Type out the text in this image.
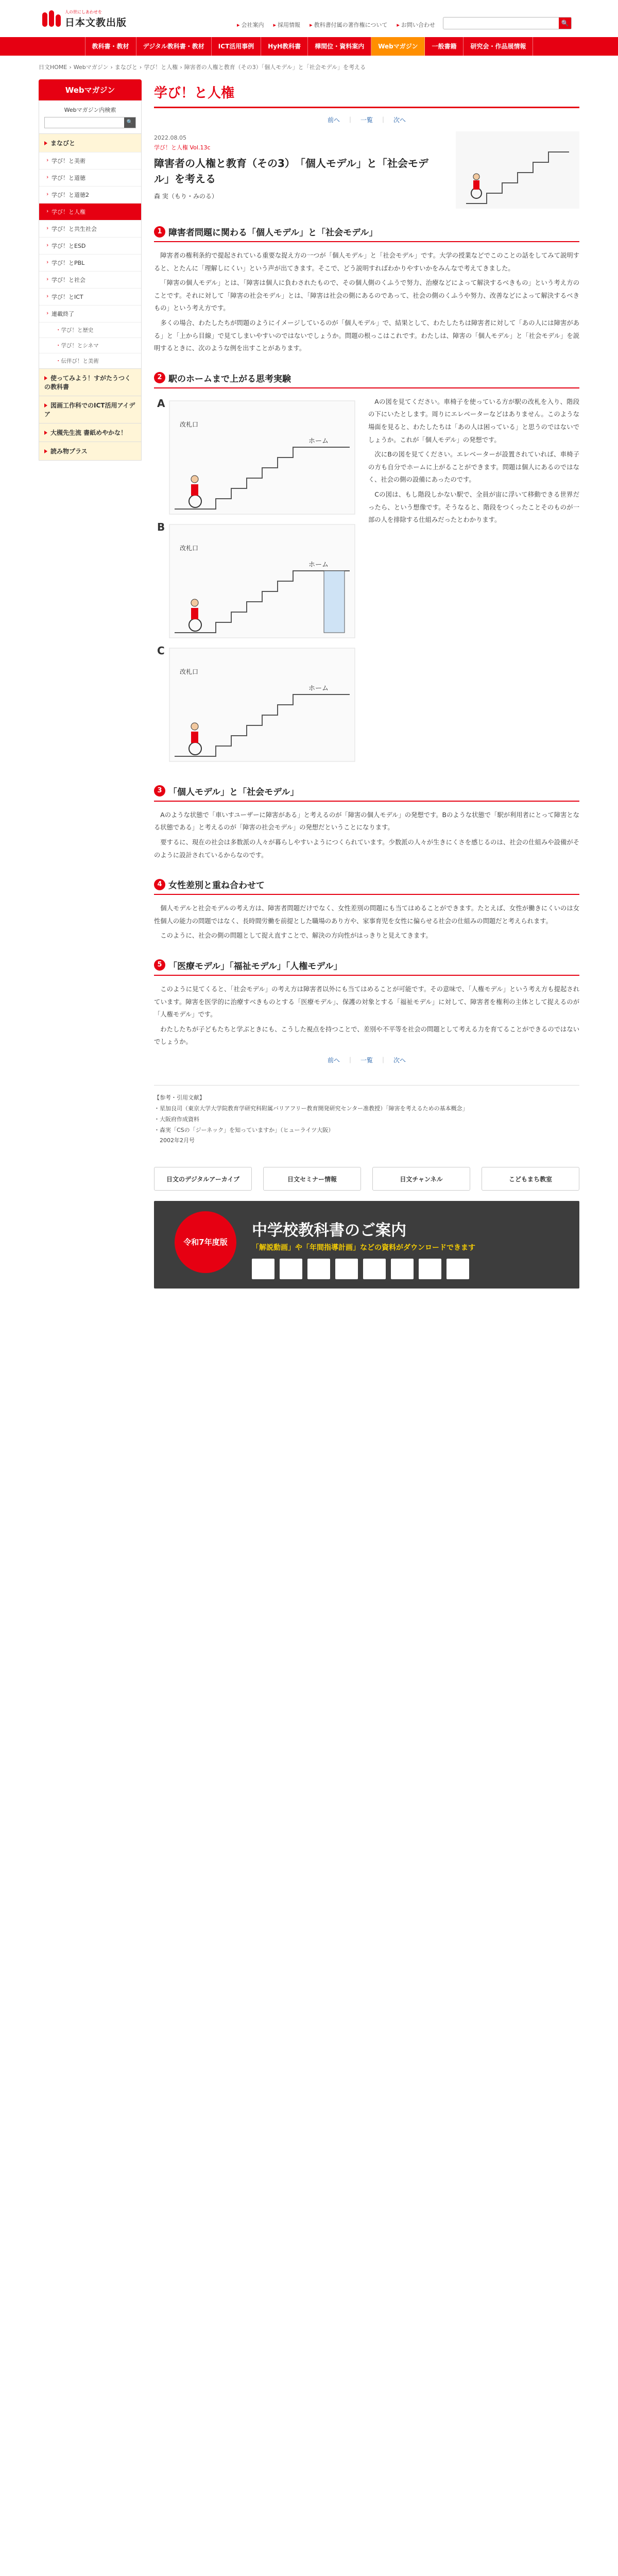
人の世にしあわせを
日本文教出版	▸ 会社案内	▸ 採用情報	▸ 教科書付属の著作権について	▸ お問い合わせ	🔍
教科書・教材	デジタル教科書・教材	ICT活用事例	HyH教科書	樺間位・資料案内	Webマガジン	一般書籍	研究会・作品展情報
日文HOME › Webマガジン › まなびと › 学び！と人権 › 障害者の人権と教育（その3）「個人モデル」と「社会モデル」を考える
Webマガジン
Webマガジン内検索
🔍
まなびと
› 学び！と美術
› 学び！と道徳
› 学び！と道徳2
› 学び！と人権
› 学び！と共生社会
› 学び！とESD
› 学び！とPBL
› 学び！と社会
› 学び！とICT
› 連載終了
・ 学び！と歴史
・ 学び！とシネマ
・ 伝伴び！と美術
使ってみよう！すがたうつくの教科書
図画工作科でのICT活用アイデア
大槻先生流 書紙めやかな！
読み物プラス
学び！と人権
前へ ｜ 一覧 ｜ 次へ
2022.08.05
学び！と人権 Vol.13c
障害者の人権と教育（その3）　「個人モデル」と「社会モデル」を考える
森 実（もり・みのる）
1 障害者問題に関わる「個人モデル」と「社会モデル」

障害者の権利条約で提起されている重要な捉え方の一つが「個人モデル」と「社会モデル」です。大学の授業などでこのことの話をしてみて説明すると、とたんに「理解しにくい」という声が出てきます。そこで、どう説明すればわかりやすいかをみんなで考えてきました。

「障害の個人モデル」とは、「障害は個人に負わされたもので、その個人側のくふうで努力、治療などによって解決するべきもの」という考え方のことです。それに対して「障害の社会モデル」とは、「障害は社会の側にあるのであって、社会の側のくふうや努力、改善などによって解決するべきもの」という考え方です。

多くの場合、わたしたちが問題のようにイメージしているのが「個人モデル」で、結果として、わたしたちは障害者に対して「あの人には障害がある」と「上から目線」で見てしまいやすいのではないでしょうか。問題の根っこはこれです。わたしは、障害の「個人モデル」と「社会モデル」を説明するときに、次のような例を出すことがあります。

2 駅のホームまで上がる思考実験
A
ホーム
改札口
B
ホーム
改札口
C
ホーム
改札口

Aの図を見てください。車椅子を使っている方が駅の改札を入り、階段の下にいたとします。周りにエレベーターなどはありません。このような場面を見ると、わたしたちは「あの人は困っている」と思うのではないでしょうか。これが「個人モデル」の発想です。

次にBの図を見てください。エレベーターが設置されていれば、車椅子の方も自分でホームに上がることができます。問題は個人にあるのではなく、社会の側の設備にあったのです。

Cの図は、もし階段しかない駅で、全員が宙に浮いて移動できる世界だったら、という想像です。そうなると、階段をつくったことそのものが一部の人を排除する仕組みだったとわかります。

3 「個人モデル」と「社会モデル」

Aのような状態で「車いすユーザーに障害がある」と考えるのが「障害の個人モデル」の発想です。Bのような状態で「駅が利用者にとって障害となる状態である」と考えるのが「障害の社会モデル」の発想だということになります。

要するに、現在の社会は多数派の人々が暮らしやすいようにつくられています。少数派の人々が生きにくさを感じるのは、社会の仕組みや設備がそのように設計されているからなのです。

4 女性差別と重ね合わせて

個人モデルと社会モデルの考え方は、障害者問題だけでなく、女性差別の問題にも当てはめることができます。たとえば、女性が働きにくいのは女性個人の能力の問題ではなく、長時間労働を前提とした職場のあり方や、家事育児を女性に偏らせる社会の仕組みの問題だと考えられます。

このように、社会の側の問題として捉え直すことで、解決の方向性がはっきりと見えてきます。

5 「医療モデル」「福祉モデル」「人権モデル」

このように見てくると、「社会モデル」の考え方は障害者以外にも当てはめることが可能です。その意味で、「人権モデル」という考え方も提起されています。障害を医学的に治療すべきものとする「医療モデル」、保護の対象とする「福祉モデル」に対して、障害者を権利の主体として捉えるのが「人権モデル」です。

わたしたちが子どもたちと学ぶときにも、こうした視点を持つことで、差別や不平等を社会の問題として考える力を育てることができるのではないでしょうか。

前へ ｜ 一覧 ｜ 次へ
【参考・引用文献】
・星加良司（東京大学大学院教育学研究科附属バリアフリー教育開発研究センター准教授）「障害を考えるための基本概念」
・大阪府作成資料
・森実「CSの「ジーネック」を知っていますか」（ヒューライツ大阪）
　2002年2月号
日文のデジタルアーカイブ	日文セミナー情報	日文チャンネル	こどもまち教室
令和7年度版
中学校教科書のご案内
「解説動画」や「年間指導計画」などの資料がダウンロードできます
